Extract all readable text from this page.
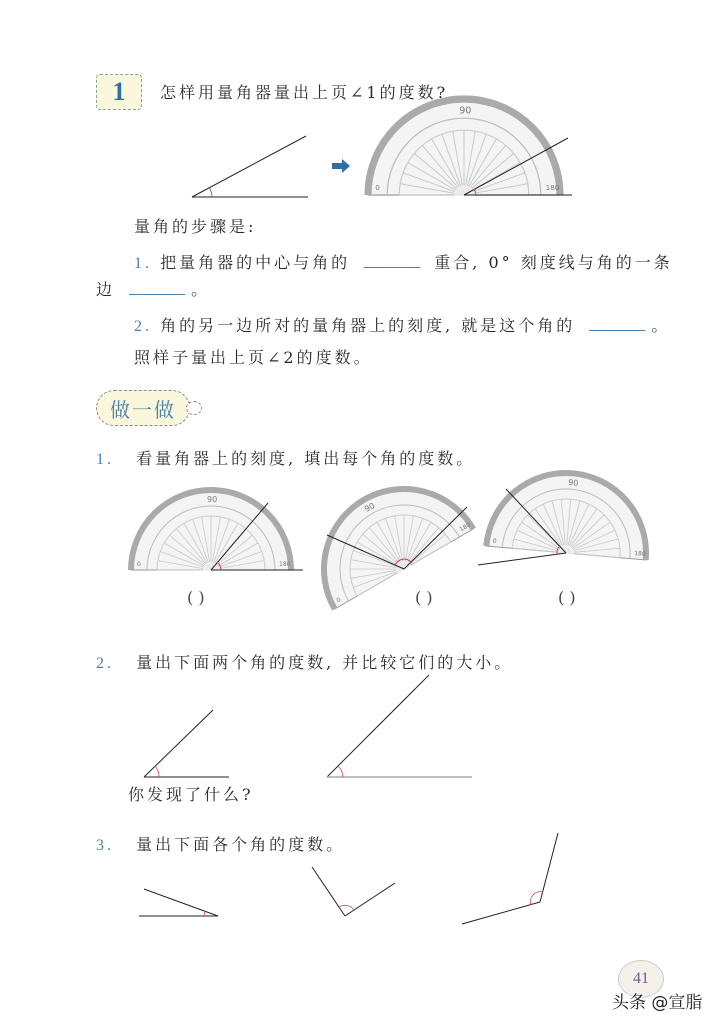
1 怎样用量角器量出上页∠1的度数?
量角的步骤是:
1. 把量角器的中心与角的	重合, 0° 刻度线与角的一条
边	。
2. 角的另一边所对的量角器上的刻度, 就是这个角的	。
照样子量出上页∠2的度数。
做一做
1. 看量角器上的刻度, 填出每个角的度数。
( )	( )	( )
2. 量出下面两个角的度数, 并比较它们的大小。
你发现了什么?
3. 量出下面各个角的度数。
41
头条 @宣脂
